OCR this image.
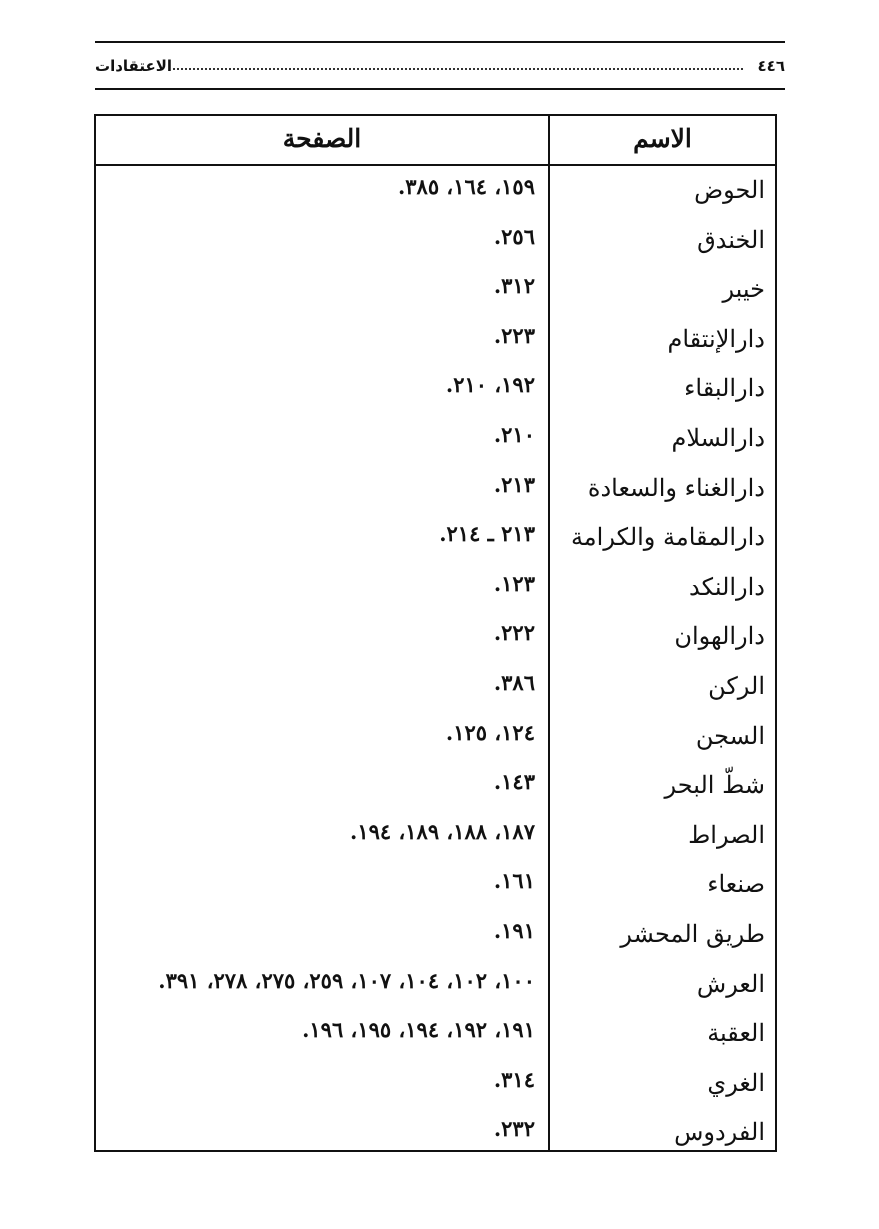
٤٤٦
الاعتقادات
الاسم
الصفحة
الحوض
١٥٩، ١٦٤، ٣٨٥.
الخندق
٢٥٦.
خيبر
٣١٢.
دارالإنتقام
٢٢٣.
دارالبقاء
١٩٢، ٢١٠.
دارالسلام
٢١٠.
دارالغناء والسعادة
٢١٣.
دارالمقامة والكرامة
٢١٣ ـ ٢١٤.
دارالنكد
١٢٣.
دارالهوان
٢٢٢.
الركن
٣٨٦.
السجن
١٢٤، ١٢٥.
شطّ البحر
١٤٣.
الصراط
١٨٧، ١٨٨، ١٨٩، ١٩٤.
صنعاء
١٦١.
طريق المحشر
١٩١.
العرش
١٠٠، ١٠٢، ١٠٤، ١٠٧، ٢٥٩، ٢٧٥، ٢٧٨، ٣٩١.
العقبة
١٩١، ١٩٢، ١٩٤، ١٩٥، ١٩٦.
الغري
٣١٤.
الفردوس
٢٣٢.
